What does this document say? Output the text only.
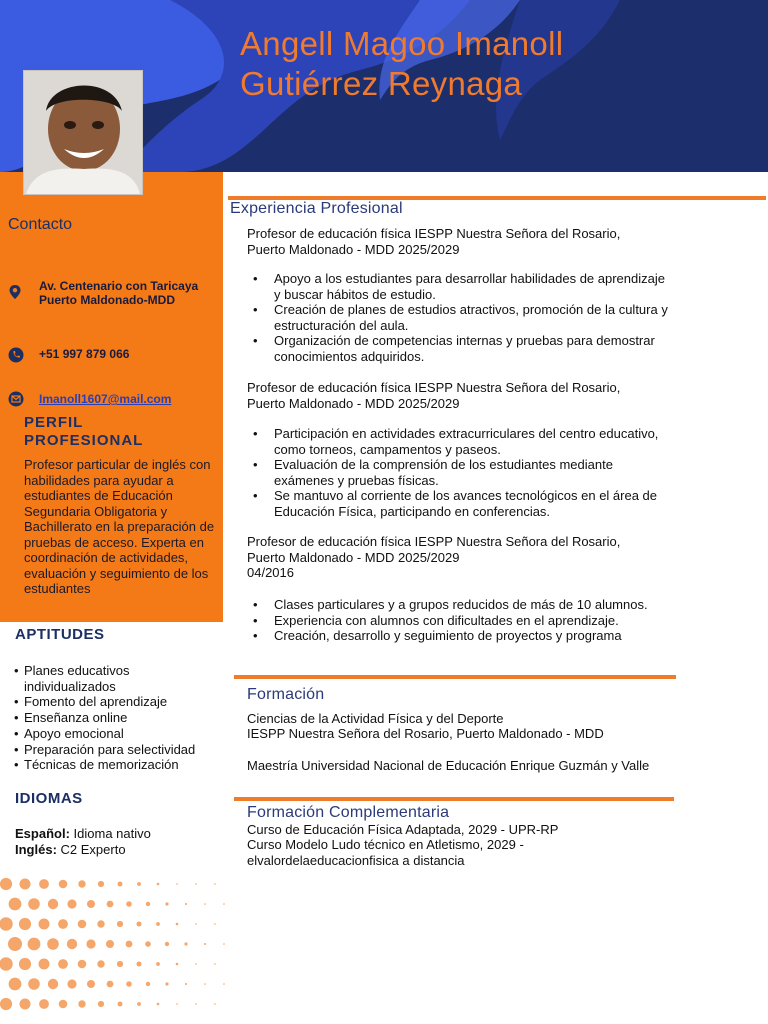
Angell Magoo Imanoll
Gutiérrez Reynaga
Contacto
Av. Centenario con Taricaya
Puerto Maldonado-MDD
+51 997 879 066
Imanoll1607@mail.com
PERFIL
PROFESIONAL
Profesor particular de inglés con habilidades para ayudar a estudiantes de Educación Segundaria Obligatoria y Bachillerato en la preparación de pruebas de acceso. Experta en coordinación de actividades, evaluación y seguimiento de los estudiantes
APTITUDES
• Planes educativos individualizados
• Fomento del aprendizaje
• Enseñanza online
• Apoyo emocional
• Preparación para selectividad
• Técnicas de memorización
IDIOMAS
Español: Idioma nativo
Inglés: C2 Experto
Experiencia Profesional
Profesor de educación física IESPP Nuestra Señora del Rosario,
Puerto Maldonado - MDD 2025/2029
• Apoyo a los estudiantes para desarrollar habilidades de aprendizaje y buscar hábitos de estudio.
• Creación de planes de estudios atractivos, promoción de la cultura y estructuración del aula.
• Organización de competencias internas y pruebas para demostrar conocimientos adquiridos.
Profesor de educación física IESPP Nuestra Señora del Rosario,
Puerto Maldonado - MDD 2025/2029
• Participación en actividades extracurriculares del centro educativo, como torneos, campamentos y paseos.
• Evaluación de la comprensión de los estudiantes mediante exámenes y pruebas físicas.
• Se mantuvo al corriente de los avances tecnológicos en el área de Educación Física, participando en conferencias.
Profesor de educación física IESPP Nuestra Señora del Rosario,
Puerto Maldonado - MDD 2025/2029
04/2016
• Clases particulares y a grupos reducidos de más de 10 alumnos.
• Experiencia con alumnos con dificultades en el aprendizaje.
• Creación, desarrollo y seguimiento de proyectos y programa
Formación
Ciencias de la Actividad Física y del Deporte
IESPP Nuestra Señora del Rosario, Puerto Maldonado - MDD
Maestría Universidad Nacional de Educación Enrique Guzmán y Valle
Formación Complementaria
Curso de Educación Física Adaptada, 2029 - UPR-RP
Curso Modelo Ludo técnico en Atletismo, 2029 - elvalordelaeducacionfisica a distancia
